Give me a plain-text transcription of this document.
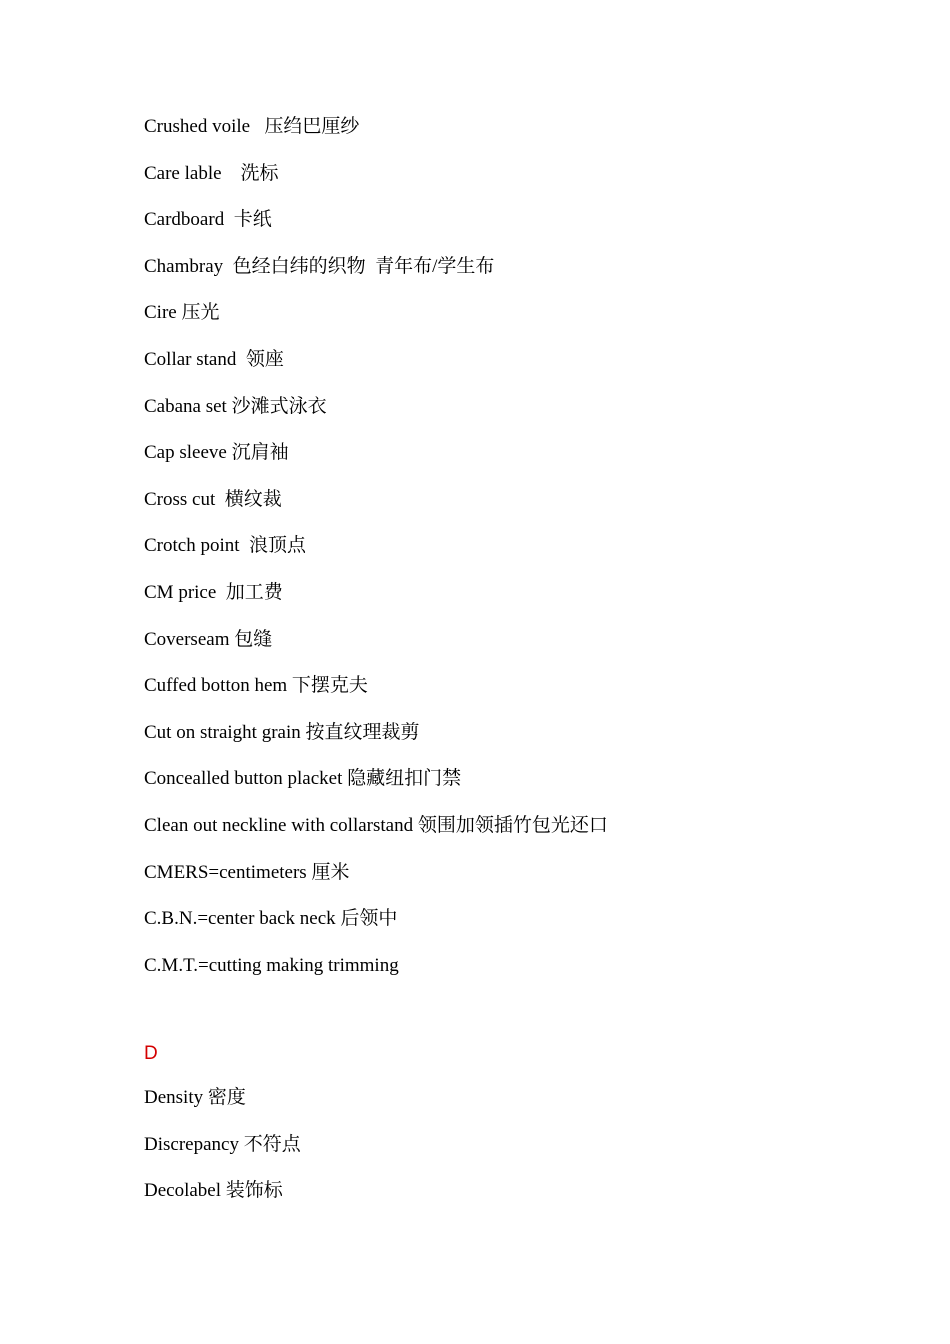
Crushed voile   压绉巴厘纱
Care lable    洗标
Cardboard  卡纸
Chambray  色经白纬的织物  青年布/学生布
Cire 压光
Collar stand  领座
Cabana set 沙滩式泳衣
Cap sleeve 沉肩袖
Cross cut  横纹裁
Crotch point  浪顶点
CM price  加工费
Coverseam 包缝
Cuffed botton hem 下摆克夫
Cut on straight grain 按直纹理裁剪
Concealled button placket 隐藏纽扣门禁
Clean out neckline with collarstand 领围加领插竹包光还口
CMERS=centimeters 厘米
C.B.N.=center back neck 后领中
C.M.T.=cutting making trimming
D
Density 密度
Discrepancy 不符点
Decolabel 装饰标
